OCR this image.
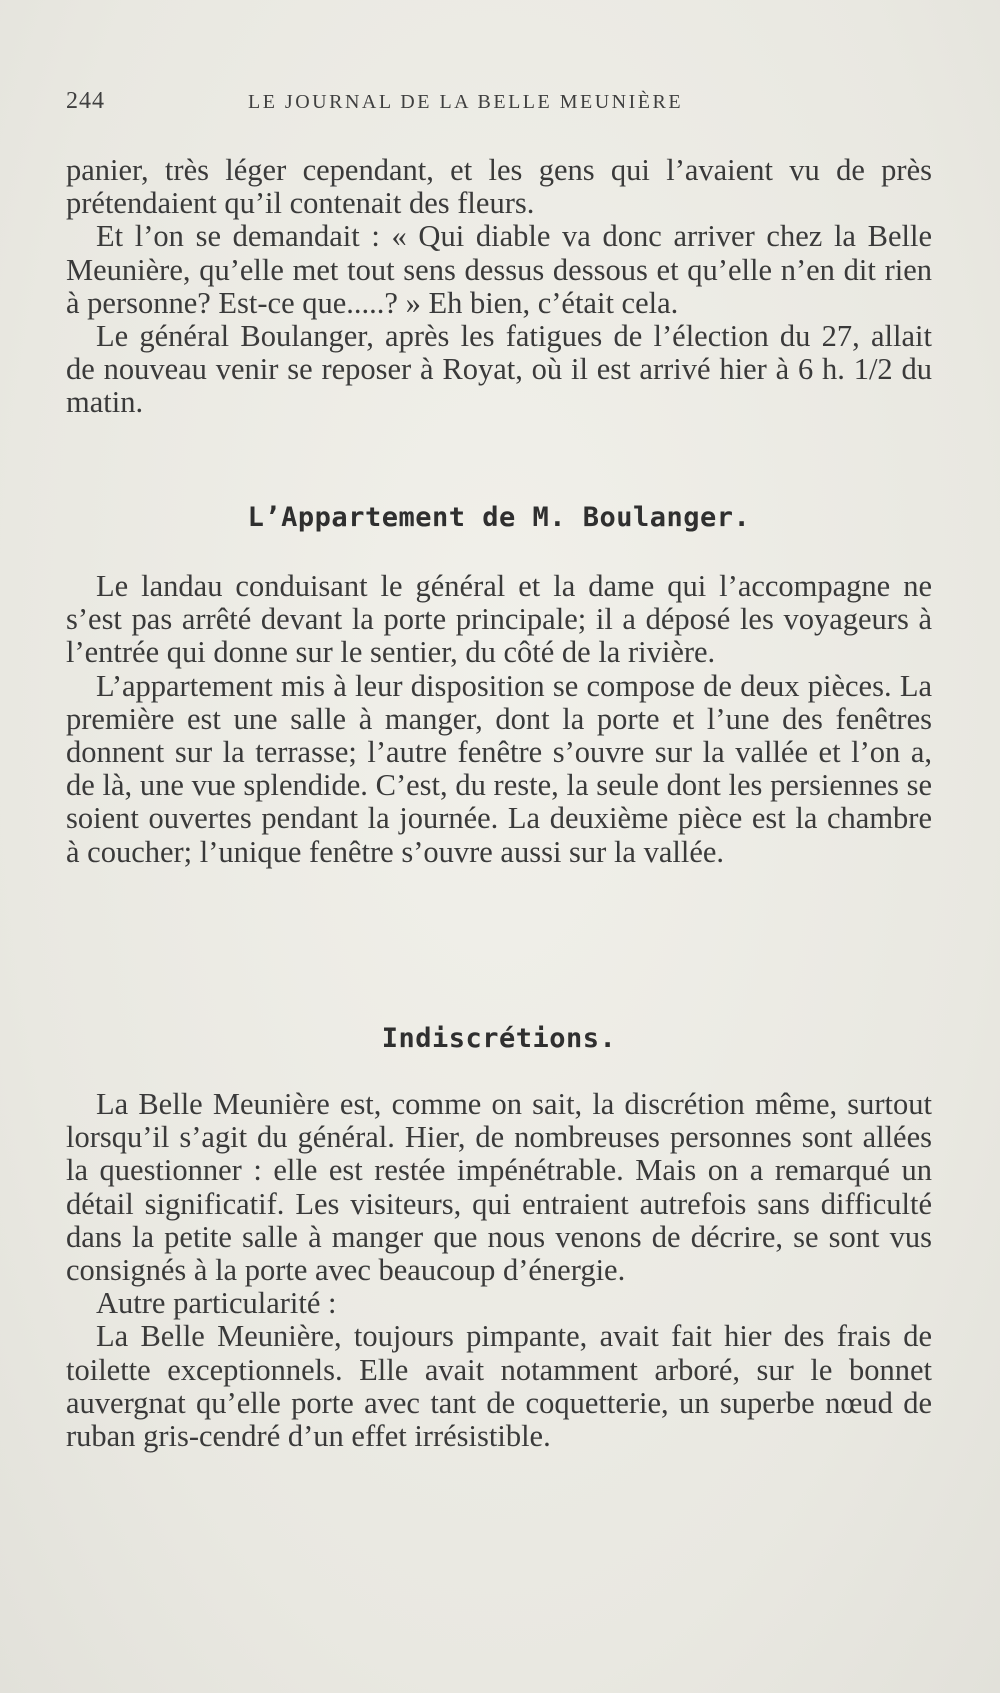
244	LE JOURNAL DE LA BELLE MEUNIÈRE

panier, très léger cependant, et les gens qui l’avaient vu de près prétendaient qu’il contenait des fleurs.

Et l’on se demandait : « Qui diable va donc arriver chez la Belle Meunière, qu’elle met tout sens dessus dessous et qu’elle n’en dit rien à personne? Est-ce que.....? » Eh bien, c’était cela.

Le général Boulanger, après les fatigues de l’élection du 27, allait de nouveau venir se reposer à Royat, où il est arrivé hier à 6 h. 1/2 du matin.

L’Appartement de M. Boulanger.

Le landau conduisant le général et la dame qui l’accompagne ne s’est pas arrêté devant la porte principale; il a déposé les voyageurs à l’entrée qui donne sur le sentier, du côté de la rivière.

L’appartement mis à leur disposition se compose de deux pièces. La première est une salle à manger, dont la porte et l’une des fenêtres donnent sur la terrasse; l’autre fenêtre s’ouvre sur la vallée et l’on a, de là, une vue splendide. C’est, du reste, la seule dont les persiennes se soient ouvertes pendant la journée. La deuxième pièce est la chambre à coucher; l’unique fenêtre s’ouvre aussi sur la vallée.

Indiscrétions.

La Belle Meunière est, comme on sait, la discrétion même, surtout lorsqu’il s’agit du général. Hier, de nombreuses personnes sont allées la questionner : elle est restée impénétrable. Mais on a remarqué un détail significatif. Les visiteurs, qui entraient autrefois sans difficulté dans la petite salle à manger que nous venons de décrire, se sont vus consignés à la porte avec beaucoup d’énergie.

Autre particularité :

La Belle Meunière, toujours pimpante, avait fait hier des frais de toilette exceptionnels. Elle avait notamment arboré, sur le bonnet auvergnat qu’elle porte avec tant de coquetterie, un superbe nœud de ruban gris-cendré d’un effet irrésistible.
